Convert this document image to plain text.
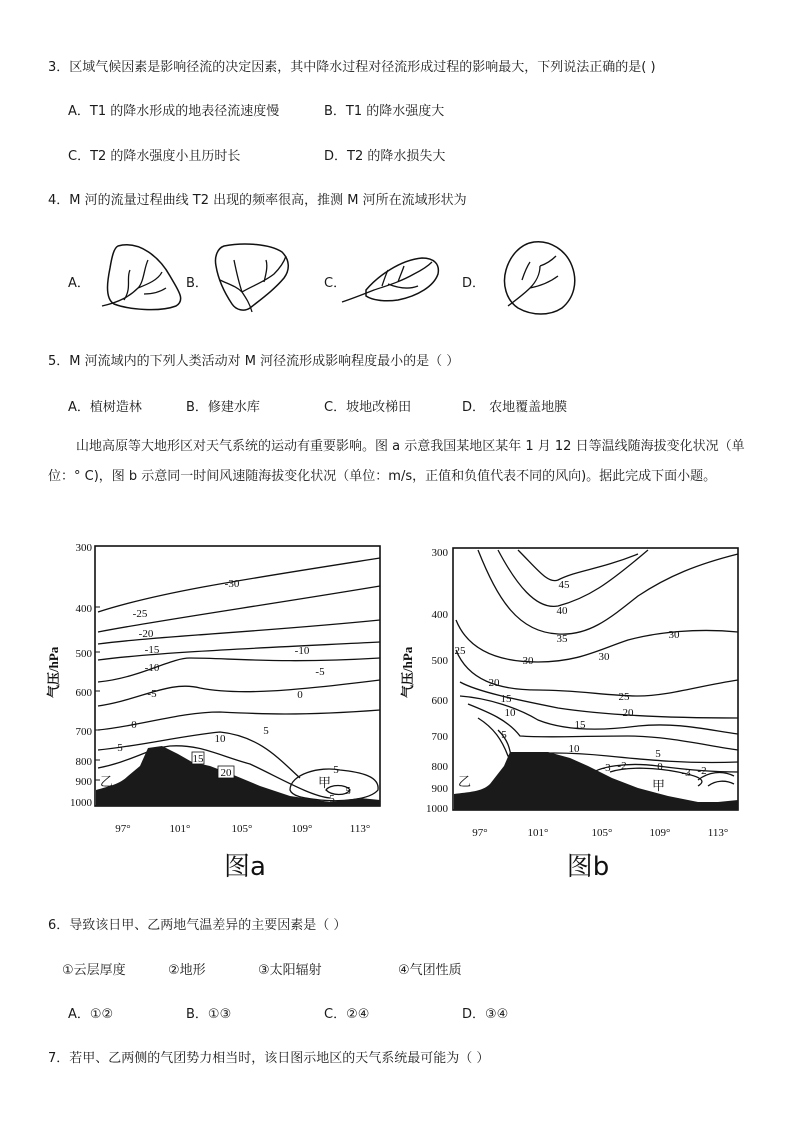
3．区域气候因素是影响径流的决定因素，其中降水过程对径流形成过程的影响最大，下列说法正确的是( )
A．T1 的降水形成的地表径流速度慢	B．T1 的降水强度大
C．T2 的降水强度小且历时长	D．T2 的降水损失大
4．M 河的流量过程曲线 T2 出现的频率很高，推测 M 河所在流域形状为
A．	B．	C．	D．
5．M 河流域内的下列人类活动对 M 河径流形成影响程度最小的是（ ）
A．植树造林	B．修建水库	C．坡地改梯田	D． 农地覆盖地膜
山地高原等大地形区对天气系统的运动有重要影响。图 a 示意我国某地区某年 1 月 12 日等温线随海拔变化状况（单位：° C)，图 b 示意同一时间风速随海拔变化状况（单位：m/s，正值和负值代表不同的风向)。据此完成下面小题。
300
400
500
600
700
800
900
1000
气压/hPa
97°	101°	105°	109°	113°
-30
-25
-20
-15
-10
-10
-5
-5
0
0
5
5
10
15
20	5
5
5
甲
乙
图a
300
400
500
600
700
800
900
1000
气压/hPa
97°	101°	105°	109°	113°
45
40
35
30	30
30
25
25
20
20
15
15
10
10
5
5
0
-3 -2
-3 -2
甲
乙
图b
6．导致该日甲、乙两地气温差异的主要因素是（ ）
①云层厚度	②地形	③太阳辐射	④气团性质
A．①②	B．①③	C．②④	D．③④
7．若甲、乙两侧的气团势力相当时，该日图示地区的天气系统最可能为（ ）
